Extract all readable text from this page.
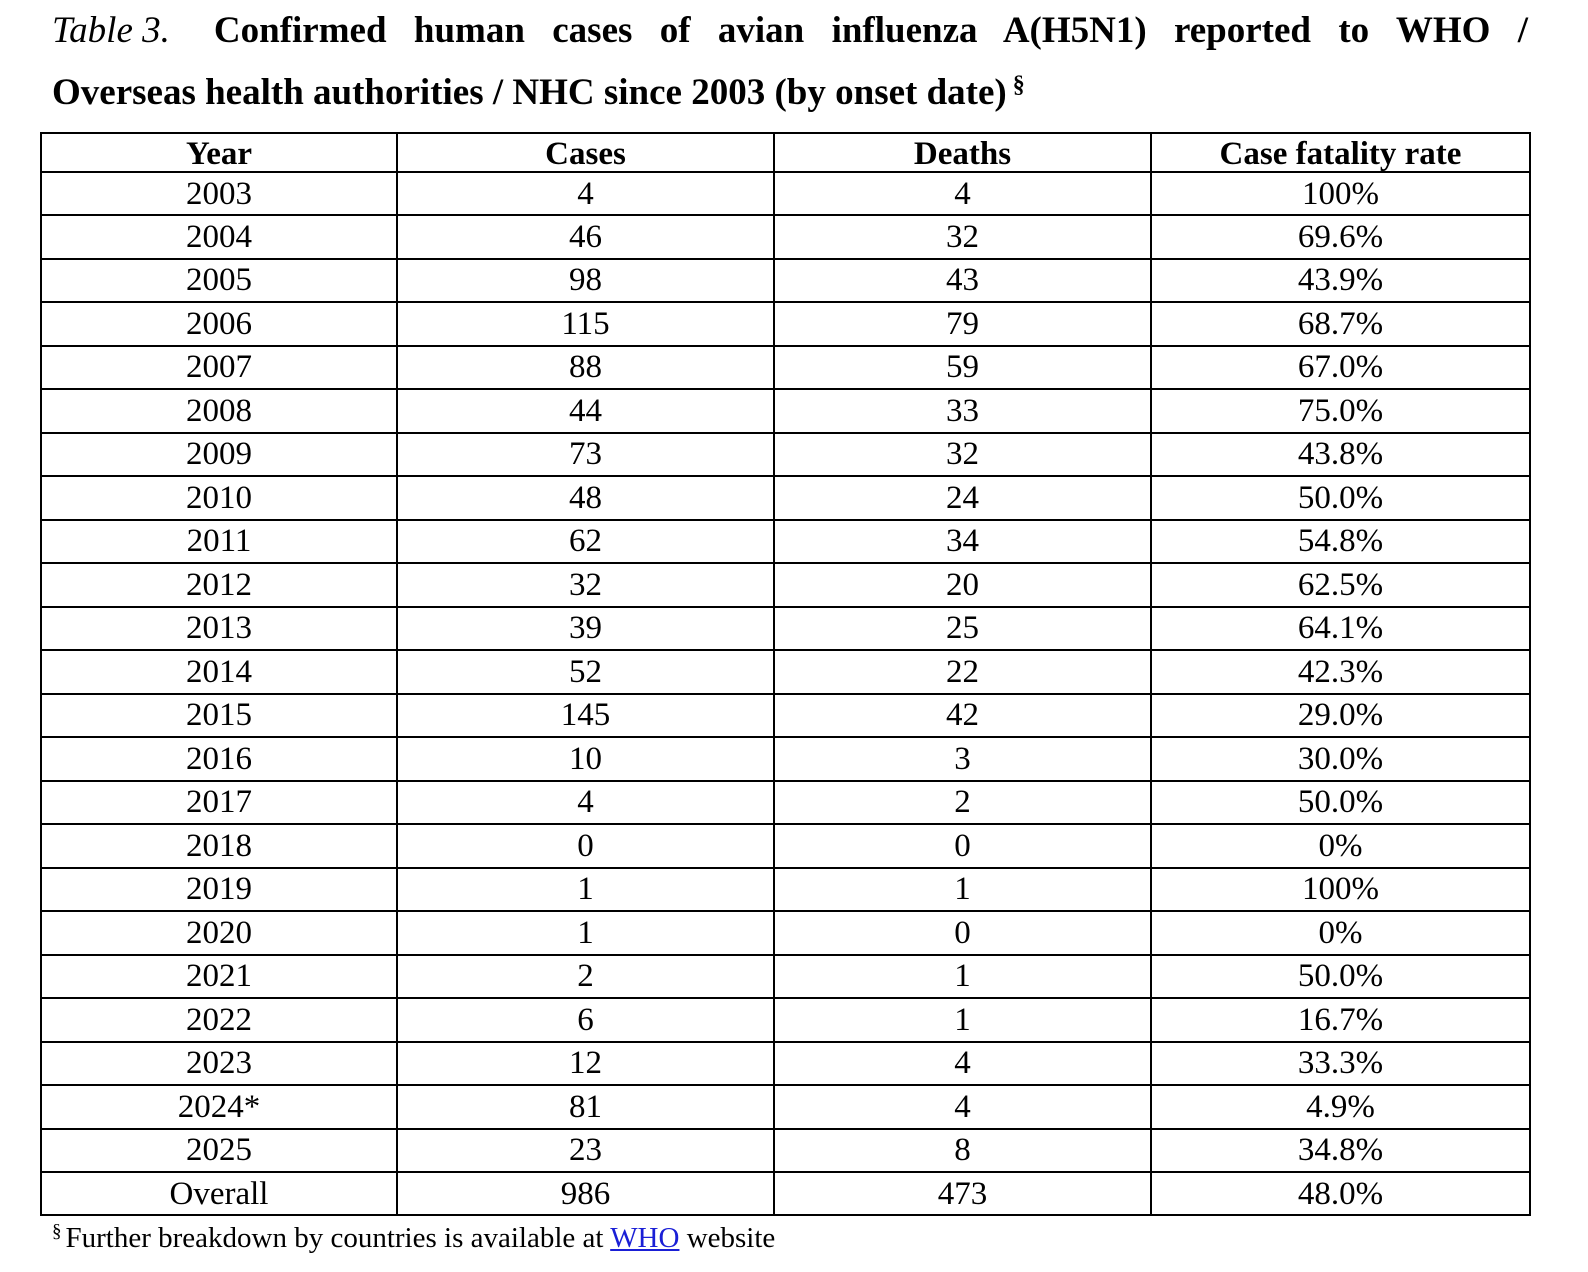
Table 3. Confirmed human cases of avian influenza A(H5N1) reported to WHO /
Overseas health authorities / NHC since 2003 (by onset date) §
Year	Cases	Deaths	Case fatality rate
2003	4	4	100%
2004	46	32	69.6%
2005	98	43	43.9%
2006	115	79	68.7%
2007	88	59	67.0%
2008	44	33	75.0%
2009	73	32	43.8%
2010	48	24	50.0%
2011	62	34	54.8%
2012	32	20	62.5%
2013	39	25	64.1%
2014	52	22	42.3%
2015	145	42	29.0%
2016	10	3	30.0%
2017	4	2	50.0%
2018	0	0	0%
2019	1	1	100%
2020	1	0	0%
2021	2	1	50.0%
2022	6	1	16.7%
2023	12	4	33.3%
2024*	81	4	4.9%
2025	23	8	34.8%
Overall	986	473	48.0%
§ Further breakdown by countries is available at WHO website
